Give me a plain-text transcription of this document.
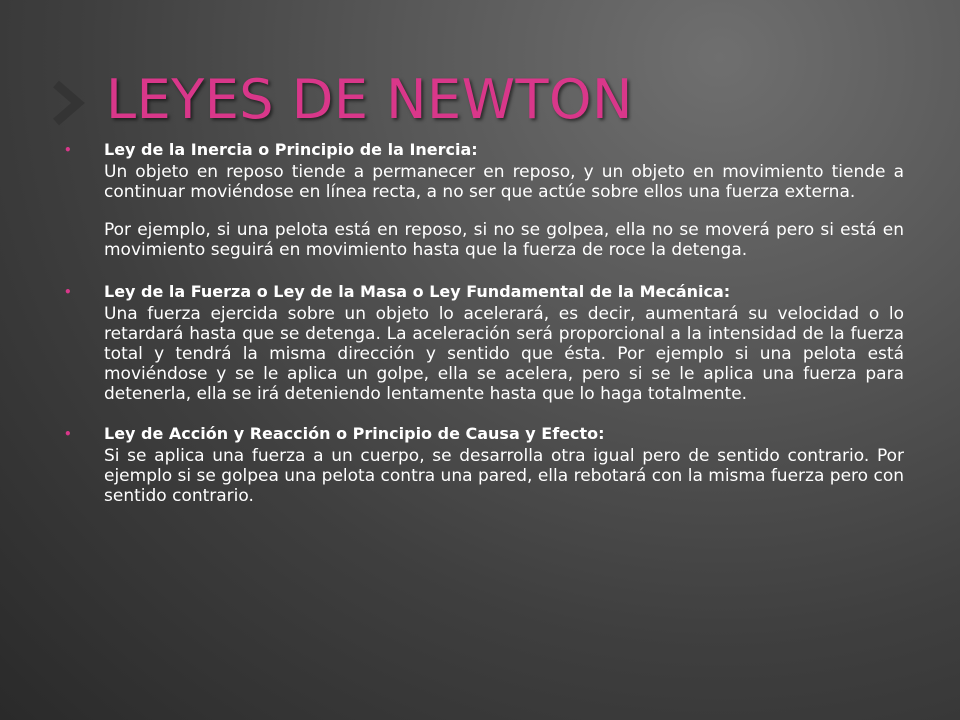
LEYES DE NEWTON
• Ley de la Inercia o Principio de la Inercia:

Un objeto en reposo tiende a permanecer en reposo, y un objeto en movimiento tiende a continuar moviéndose en línea recta, a no ser que actúe sobre ellos una fuerza externa.

Por ejemplo, si una pelota está en reposo, si no se golpea, ella no se moverá pero si está en movimiento seguirá en movimiento hasta que la fuerza de roce la detenga.

• Ley de la Fuerza o Ley de la Masa o Ley Fundamental de la Mecánica:

Una fuerza ejercida sobre un objeto lo acelerará, es decir, aumentará su velocidad o lo retardará hasta que se detenga. La aceleración será proporcional a la intensidad de la fuerza total y tendrá la misma dirección y sentido que ésta. Por ejemplo si una pelota está moviéndose y se le aplica un golpe, ella se acelera, pero si se le aplica una fuerza para detenerla, ella se irá deteniendo lentamente hasta que lo haga totalmente.

• Ley de Acción y Reacción o Principio de Causa y Efecto:

Si se aplica una fuerza a un cuerpo, se desarrolla otra igual pero de sentido contrario. Por ejemplo si se golpea una pelota contra una pared, ella rebotará con la misma fuerza pero con sentido contrario.
